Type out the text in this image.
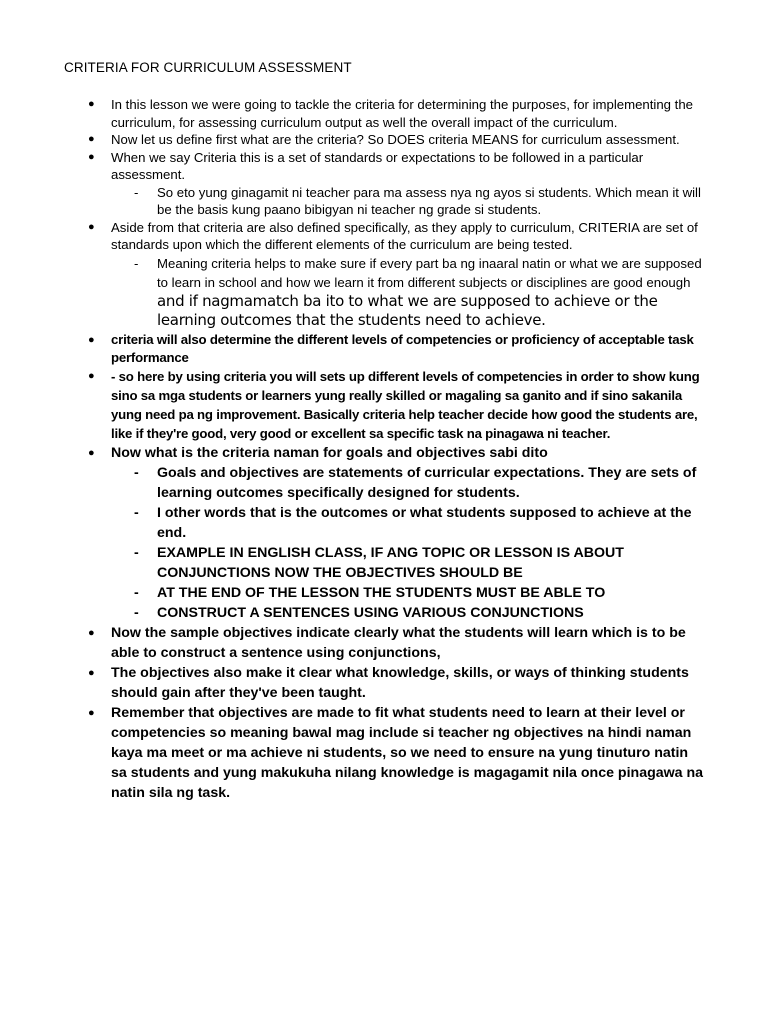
CRITERIA FOR CURRICULUM ASSESSMENT
● In this lesson we were going to tackle the criteria for determining the purposes, for implementing the curriculum, for assessing curriculum output as well the overall impact of the curriculum.
● Now let us define first what are the criteria? So DOES criteria MEANS for curriculum assessment.
● When we say Criteria this is a set of standards or expectations to be followed in a particular assessment.
- So eto yung ginagamit ni teacher para ma assess nya ng ayos si students. Which mean it will be the basis kung paano bibigyan ni teacher ng grade si students.
● Aside from that criteria are also defined specifically, as they apply to curriculum, CRITERIA are set of standards upon which the different elements of the curriculum are being tested.
- Meaning criteria helps to make sure if every part ba ng inaaral natin or what we are supposed to learn in school and how we learn it from different subjects or disciplines are good enough and if nagmamatch ba ito to what we are supposed to achieve or the learning outcomes that the students need to achieve.
● criteria will also determine the different levels of competencies or proficiency of acceptable task performance
● - so here by using criteria you will sets up different levels of competencies in order to show kung sino sa mga students or learners yung really skilled or magaling sa ganito and if sino sakanila yung need pa ng improvement. Basically criteria help teacher decide how good the students are, like if they're good, very good or excellent sa specific task na pinagawa ni teacher.
● Now what is the criteria naman for goals and objectives sabi dito
- Goals and objectives are statements of curricular expectations. They are sets of learning outcomes specifically designed for students.
- I other words that is the outcomes or what students supposed to achieve at the end.
- EXAMPLE IN ENGLISH CLASS, IF ANG TOPIC OR LESSON IS ABOUT CONJUNCTIONS NOW THE OBJECTIVES SHOULD BE
- AT THE END OF THE LESSON THE STUDENTS MUST BE ABLE TO
- CONSTRUCT A SENTENCES USING VARIOUS CONJUNCTIONS
● Now the sample objectives indicate clearly what the students will learn which is to be able to construct a sentence using conjunctions,
● The objectives also make it clear what knowledge, skills, or ways of thinking students should gain after they've been taught.
● Remember that objectives are made to fit what students need to learn at their level or competencies so meaning bawal mag include si teacher ng objectives na hindi naman kaya ma meet or ma achieve ni students, so we need to ensure na yung tinuturo natin sa students and yung makukuha nilang knowledge is magagamit nila once pinagawa na natin sila ng task.
